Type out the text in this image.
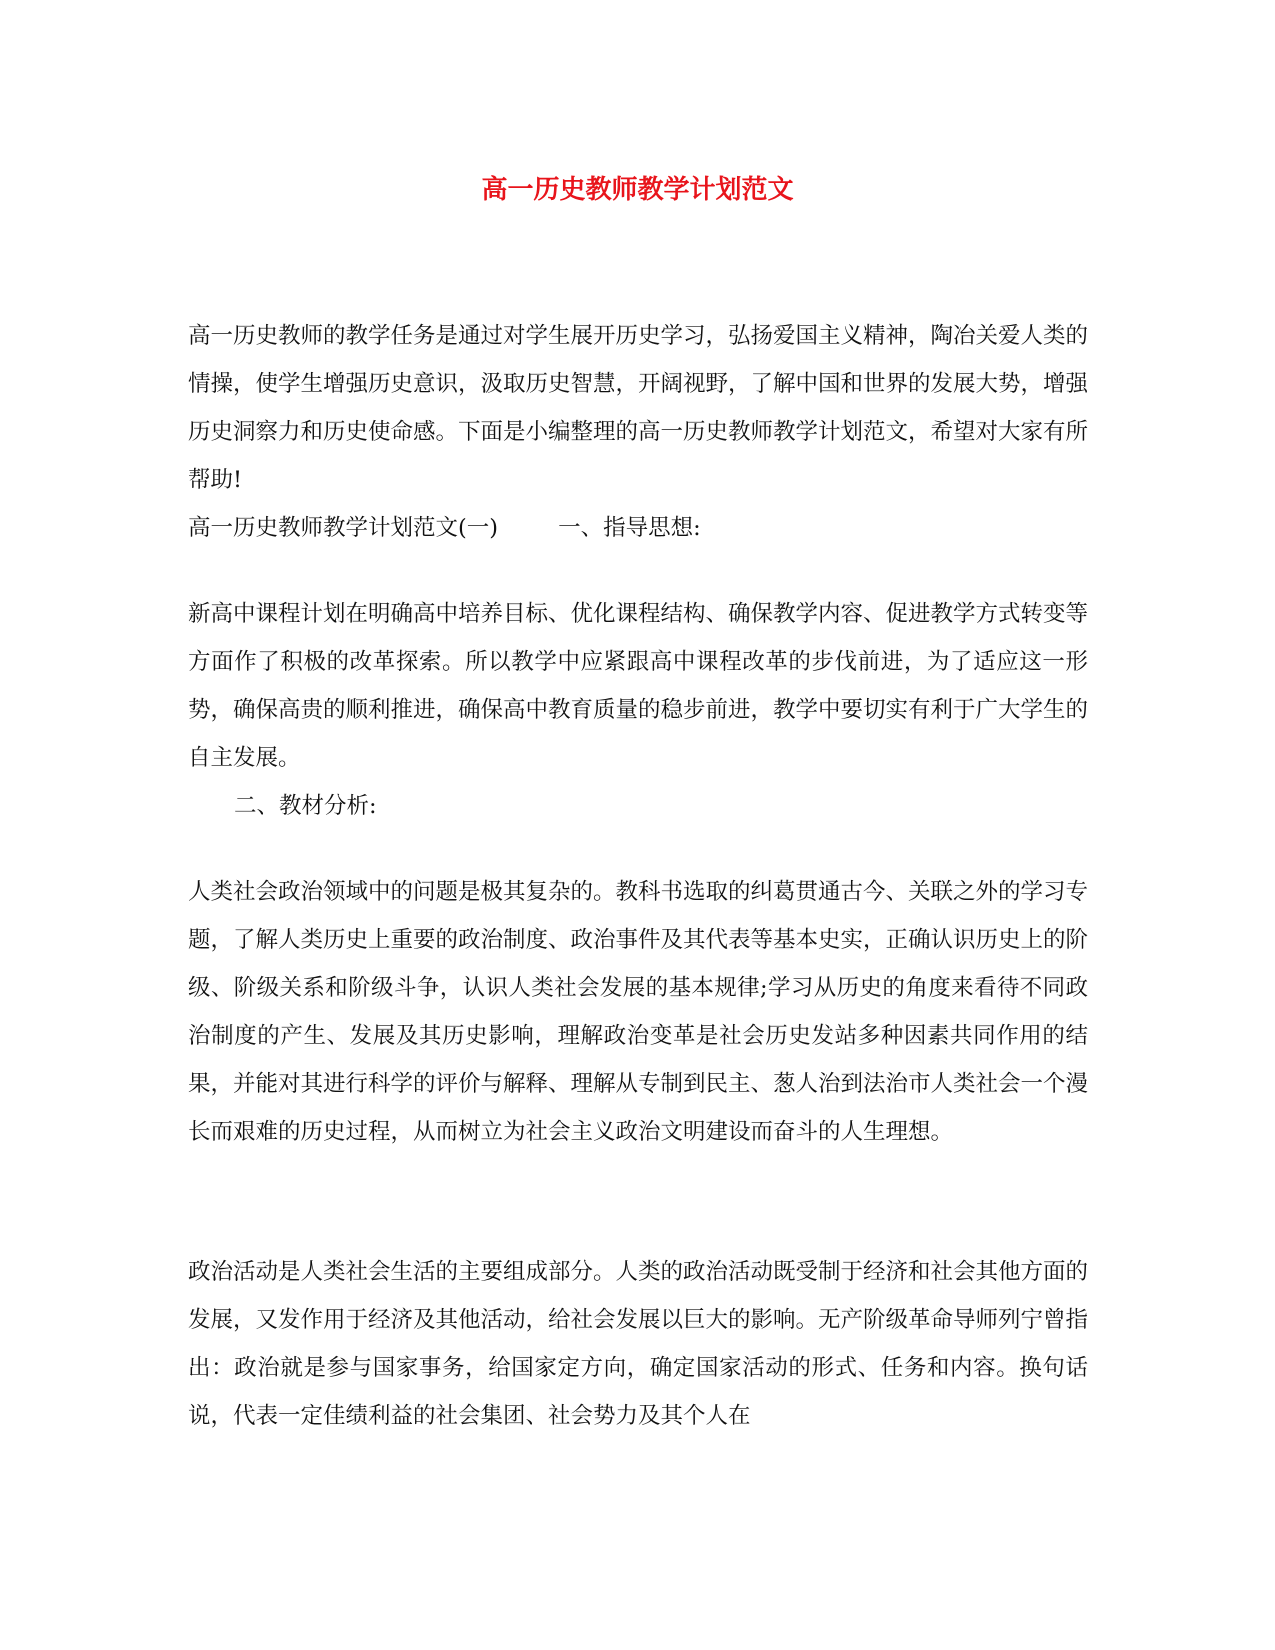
高一历史教师教学计划范文

高一历史教师的教学任务是通过对学生展开历史学习，弘扬爱国主义精神，陶冶关爱人类的情操，使学生增强历史意识，汲取历史智慧，开阔视野，了解中国和世界的发展大势，增强历史洞察力和历史使命感。下面是小编整理的高一历史教师教学计划范文，希望对大家有所帮助!

高一历史教师教学计划范文(一)	一、指导思想:

新高中课程计划在明确高中培养目标、优化课程结构、确保教学内容、促进教学方式转变等方面作了积极的改革探索。所以教学中应紧跟高中课程改革的步伐前进，为了适应这一形势，确保高贵的顺利推进，确保高中教育质量的稳步前进，教学中要切实有利于广大学生的自主发展。

二、教材分析:

人类社会政治领域中的问题是极其复杂的。教科书选取的纠葛贯通古今、关联之外的学习专题，了解人类历史上重要的政治制度、政治事件及其代表等基本史实，正确认识历史上的阶级、阶级关系和阶级斗争，认识人类社会发展的基本规律;学习从历史的角度来看待不同政治制度的产生、发展及其历史影响，理解政治变革是社会历史发站多种因素共同作用的结果，并能对其进行科学的评价与解释、理解从专制到民主、葱人治到法治市人类社会一个漫长而艰难的历史过程，从而树立为社会主义政治文明建设而奋斗的人生理想。

政治活动是人类社会生活的主要组成部分。人类的政治活动既受制于经济和社会其他方面的发展，又发作用于经济及其他活动，给社会发展以巨大的影响。无产阶级革命导师列宁曾指出：政治就是参与国家事务，给国家定方向，确定国家活动的形式、任务和内容。换句话说，代表一定佳绩利益的社会集团、社会势力及其个人在
